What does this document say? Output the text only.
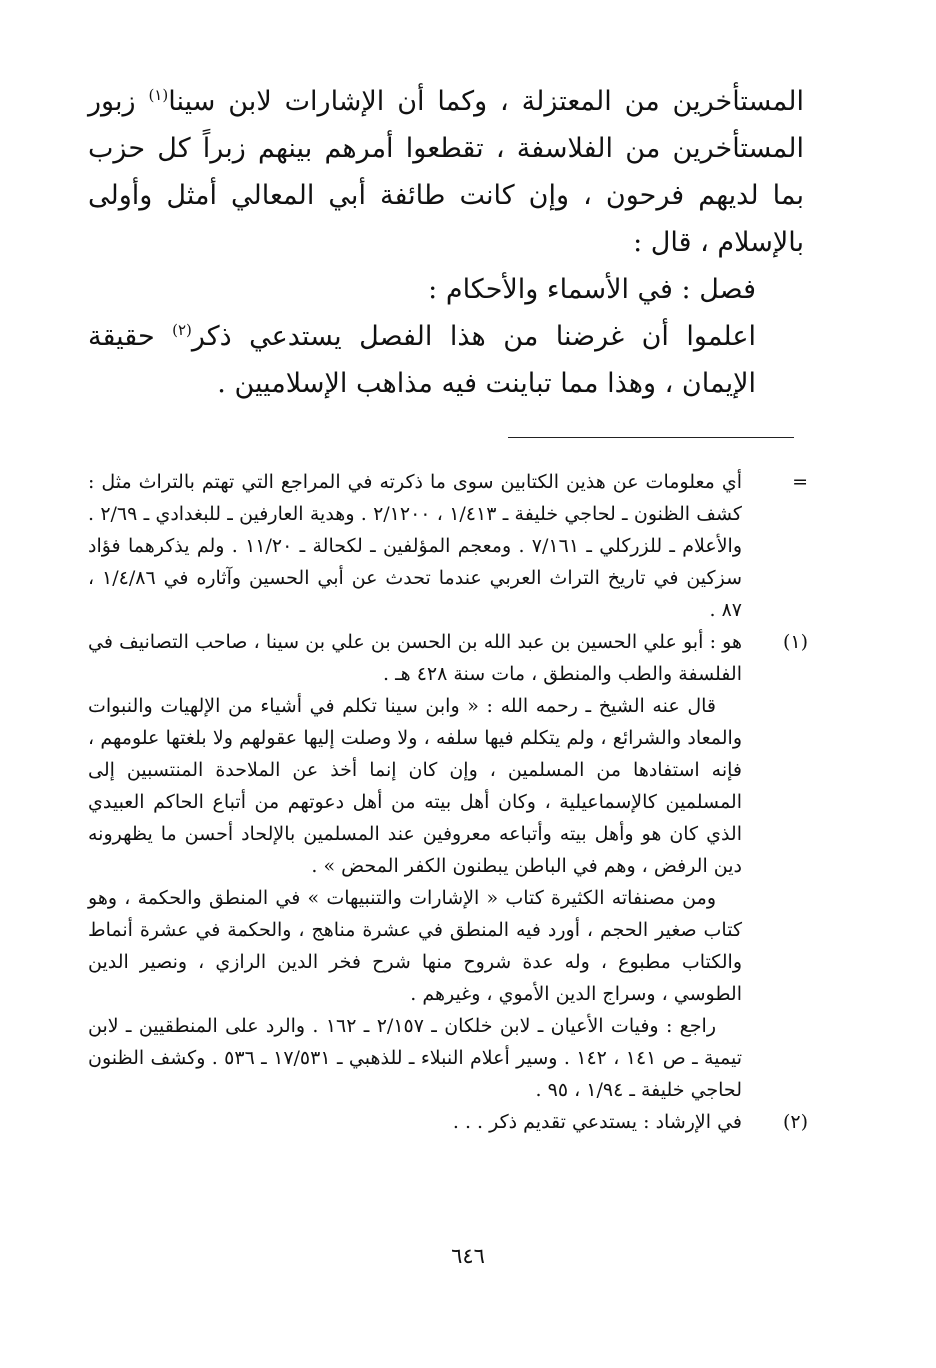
المستأخرين من المعتزلة ، وكما أن الإشارات لابن سينا$^{(١)}$ زبور المستأخرين من الفلاسفة ، تقطعوا أمرهم بينهم زبراً كل حزب بما لديهم فرحون ، وإن كانت طائفة أبي المعالي أمثل وأولى بالإسلام ، قال :

فصل : في الأسماء والأحكام :

اعلموا أن غرضنا من هذا الفصل يستدعي ذكر$^{(٢)}$ حقيقة الإيمان ، وهذا مما تباينت فيه مذاهب الإسلاميين .

=

أي معلومات عن هذين الكتابين سوى ما ذكرته في المراجع التي تهتم بالتراث مثل : كشف الظنون ـ لحاجي خليفة ـ ١/٤١٣ ، ٢/١٢٠٠ . وهدية العارفين ـ للبغدادي ـ ٢/٦٩ . والأعلام ـ للزركلي ـ ٧/١٦١ . ومعجم المؤلفين ـ لكحالة ـ ١١/٢٠ . ولم يذكرهما فؤاد سزكين في تاريخ التراث العربي عندما تحدث عن أبي الحسين وآثاره في ١/٤/٨٦ ، ٨٧ .

(١)

هو : أبو علي الحسين بن عبد الله بن الحسن بن علي بن سينا ، صاحب التصانيف في الفلسفة والطب والمنطق ، مات سنة ٤٢٨ هـ .

قال عنه الشيخ ـ رحمه الله : « وابن سينا تكلم في أشياء من الإلهيات والنبوات والمعاد والشرائع ، ولم يتكلم فيها سلفه ، ولا وصلت إليها عقولهم ولا بلغتها علومهم ، فإنه استفادها من المسلمين ، وإن كان إنما أخذ عن الملاحدة المنتسبين إلى المسلمين كالإسماعيلية ، وكان أهل بيته من أهل دعوتهم من أتباع الحاكم العبيدي الذي كان هو وأهل بيته وأتباعه معروفين عند المسلمين بالإلحاد أحسن ما يظهرونه دين الرفض ، وهم في الباطن يبطنون الكفر المحض » .

ومن مصنفاته الكثيرة كتاب « الإشارات والتنبيهات » في المنطق والحكمة ، وهو كتاب صغير الحجم ، أورد فيه المنطق في عشرة مناهج ، والحكمة في عشرة أنماط والكتاب مطبوع ، وله عدة شروح منها شرح فخر الدين الرازي ، ونصير الدين الطوسي ، وسراج الدين الأموي ، وغيرهم .

راجع : وفيات الأعيان ـ لابن خلكان ـ ٢/١٥٧ ـ ١٦٢ . والرد على المنطقيين ـ لابن تيمية ـ ص ١٤١ ، ١٤٢ . وسير أعلام النبلاء ـ للذهبي ـ ١٧/٥٣١ ـ ٥٣٦ . وكشف الظنون لحاجي خليفة ـ ١/٩٤ ، ٩٥ .

(٢)

في الإرشاد : يستدعي تقديم ذكر . . .

٦٤٦
